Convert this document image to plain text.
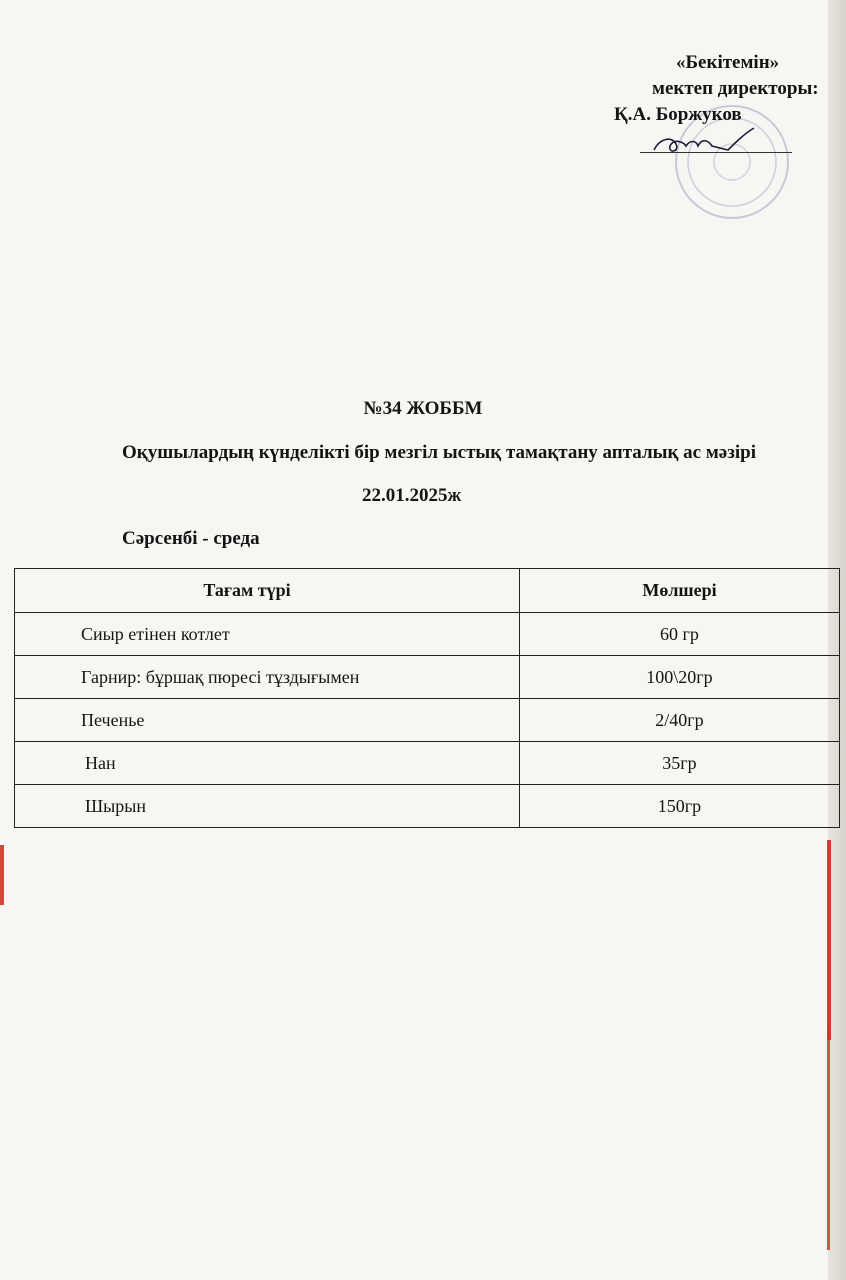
«Бекітемін»
мектеп директоры:
Қ.А. Боржуков
№34 ЖОББМ
Оқушылардың күнделікті бір мезгіл ыстық тамақтану апталық ас мәзірі
22.01.2025ж
Сәрсенбі - среда
Тағам түрі	Мөлшері
Сиыр етінен котлет	60 гр
Гарнир: бұршақ пюресі тұздығымен	100\20гр
Печенье	2/40гр
Нан	35гр
Шырын	150гр
